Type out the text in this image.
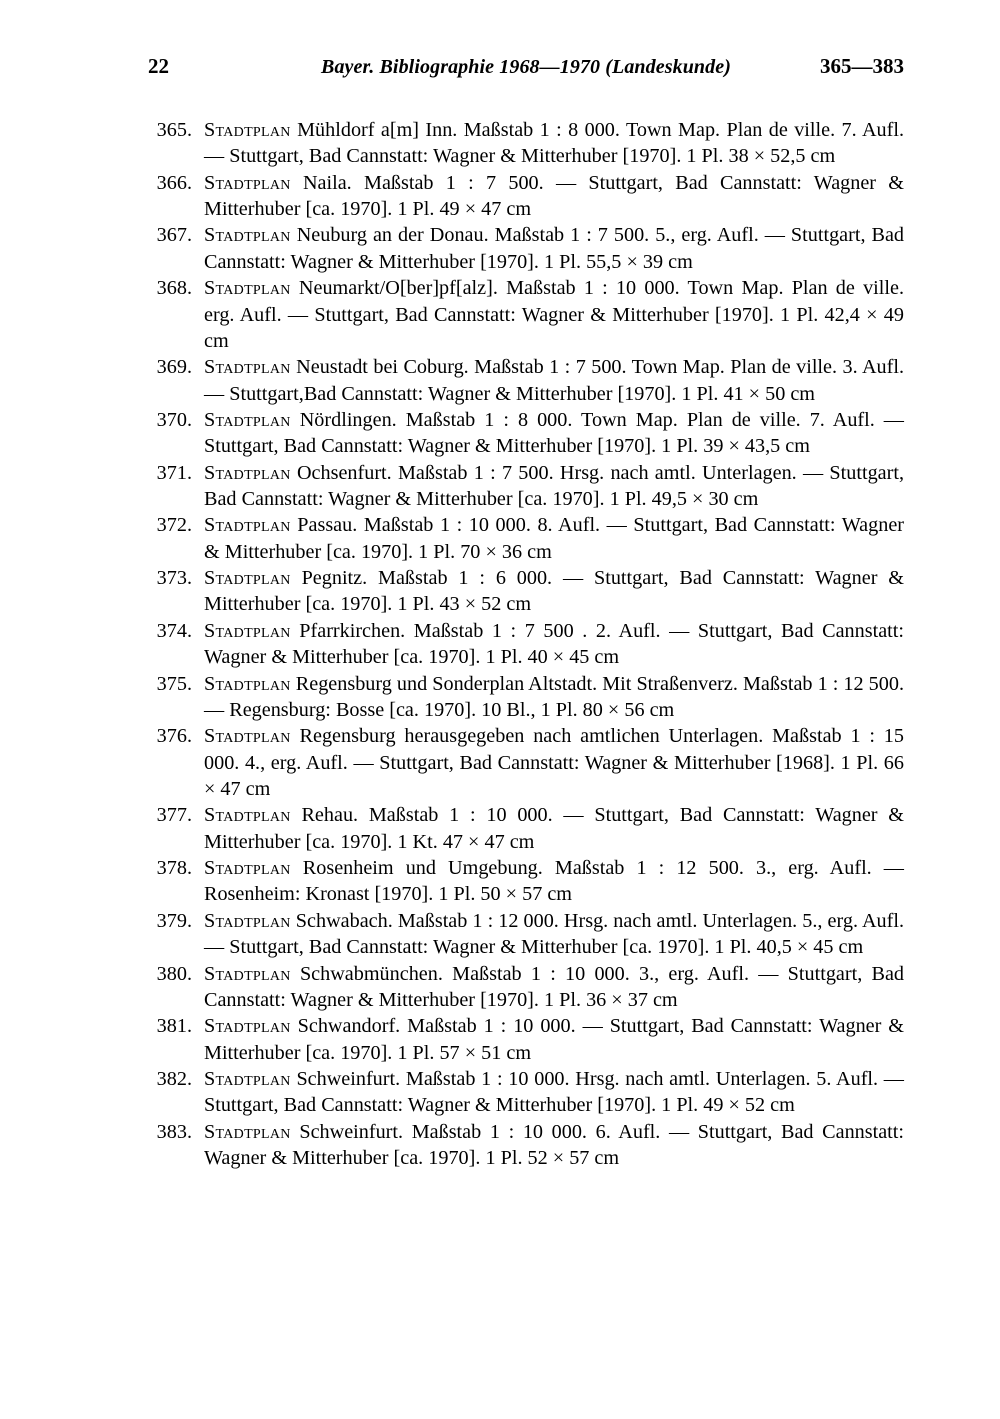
22	Bayer. Bibliographie 1968—1970 (Landeskunde)	365—383
365. Stadtplan Mühldorf a[m] Inn. Maßstab 1 : 8 000. Town Map. Plan de ville. 7. Aufl. — Stuttgart, Bad Cannstatt: Wagner & Mitterhuber [1970]. 1 Pl. 38 × 52,5 cm
366. Stadtplan Naila. Maßstab 1 : 7 500. — Stuttgart, Bad Cannstatt: Wagner & Mitterhuber [ca. 1970]. 1 Pl. 49 × 47 cm
367. Stadtplan Neuburg an der Donau. Maßstab 1 : 7 500. 5., erg. Aufl. — Stuttgart, Bad Cannstatt: Wagner & Mitterhuber [1970]. 1 Pl. 55,5 × 39 cm
368. Stadtplan Neumarkt/O[ber]pf[alz]. Maßstab 1 : 10 000. Town Map. Plan de ville. erg. Aufl. — Stuttgart, Bad Cannstatt: Wagner & Mitterhuber [1970]. 1 Pl. 42,4 × 49 cm
369. Stadtplan Neustadt bei Coburg. Maßstab 1 : 7 500. Town Map. Plan de ville. 3. Aufl. — Stuttgart,Bad Cannstatt: Wagner & Mitterhuber [1970]. 1 Pl. 41 × 50 cm
370. Stadtplan Nördlingen. Maßstab 1 : 8 000. Town Map. Plan de ville. 7. Aufl. — Stuttgart, Bad Cannstatt: Wagner & Mitterhuber [1970]. 1 Pl. 39 × 43,5 cm
371. Stadtplan Ochsenfurt. Maßstab 1 : 7 500. Hrsg. nach amtl. Unterlagen. — Stuttgart, Bad Cannstatt: Wagner & Mitterhuber [ca. 1970]. 1 Pl. 49,5 × 30 cm
372. Stadtplan Passau. Maßstab 1 : 10 000. 8. Aufl. — Stuttgart, Bad Cannstatt: Wagner & Mitterhuber [ca. 1970]. 1 Pl. 70 × 36 cm
373. Stadtplan Pegnitz. Maßstab 1 : 6 000. — Stuttgart, Bad Cannstatt: Wagner & Mitterhuber [ca. 1970]. 1 Pl. 43 × 52 cm
374. Stadtplan Pfarrkirchen. Maßstab 1 : 7 500 . 2. Aufl. — Stuttgart, Bad Cannstatt: Wagner & Mitterhuber [ca. 1970]. 1 Pl. 40 × 45 cm
375. Stadtplan Regensburg und Sonderplan Altstadt. Mit Straßenverz. Maßstab 1 : 12 500. — Regensburg: Bosse [ca. 1970]. 10 Bl., 1 Pl. 80 × 56 cm
376. Stadtplan Regensburg herausgegeben nach amtlichen Unterlagen. Maßstab 1 : 15 000. 4., erg. Aufl. — Stuttgart, Bad Cannstatt: Wagner & Mitterhuber [1968]. 1 Pl. 66 × 47 cm
377. Stadtplan Rehau. Maßstab 1 : 10 000. — Stuttgart, Bad Cannstatt: Wagner & Mitterhuber [ca. 1970]. 1 Kt. 47 × 47 cm
378. Stadtplan Rosenheim und Umgebung. Maßstab 1 : 12 500. 3., erg. Aufl. — Rosenheim: Kronast [1970]. 1 Pl. 50 × 57 cm
379. Stadtplan Schwabach. Maßstab 1 : 12 000. Hrsg. nach amtl. Unterlagen. 5., erg. Aufl. — Stuttgart, Bad Cannstatt: Wagner & Mitterhuber [ca. 1970]. 1 Pl. 40,5 × 45 cm
380. Stadtplan Schwabmünchen. Maßstab 1 : 10 000. 3., erg. Aufl. — Stuttgart, Bad Cannstatt: Wagner & Mitterhuber [1970]. 1 Pl. 36 × 37 cm
381. Stadtplan Schwandorf. Maßstab 1 : 10 000. — Stuttgart, Bad Cannstatt: Wagner & Mitterhuber [ca. 1970]. 1 Pl. 57 × 51 cm
382. Stadtplan Schweinfurt. Maßstab 1 : 10 000. Hrsg. nach amtl. Unterlagen. 5. Aufl. — Stuttgart, Bad Cannstatt: Wagner & Mitterhuber [1970]. 1 Pl. 49 × 52 cm
383. Stadtplan Schweinfurt. Maßstab 1 : 10 000. 6. Aufl. — Stuttgart, Bad Cannstatt: Wagner & Mitterhuber [ca. 1970]. 1 Pl. 52 × 57 cm
